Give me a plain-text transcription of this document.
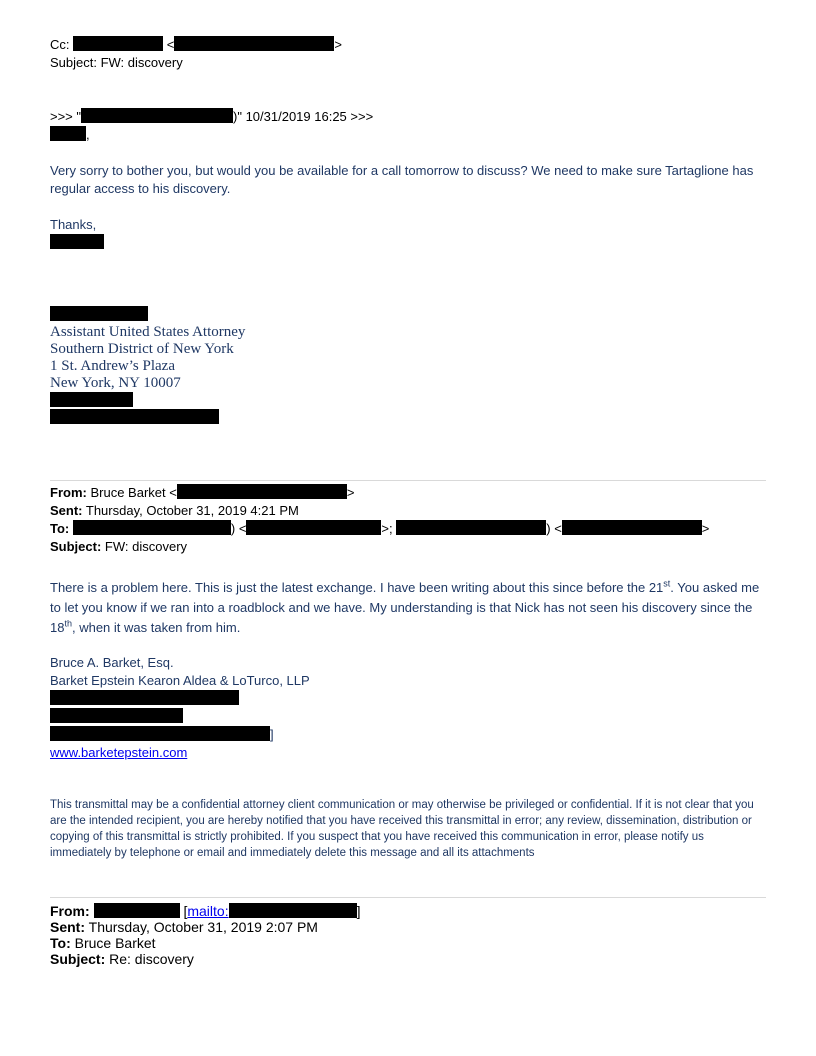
Cc:	<	>
Subject: FW: discovery
>>> "	)" 10/31/2019 16:25 >>>
,
Very sorry to bother you, but would you be available for a call tomorrow to discuss? We need to make sure Tartaglione has regular access to his discovery.
Thanks,
Assistant United States Attorney
Southern District of New York
1 St. Andrew’s Plaza
New York, NY 10007
From: Bruce Barket <	>
Sent: Thursday, October 31, 2019 4:21 PM
To:	) <	>;	) <	>
Subject: FW: discovery
There is a problem here. This is just the latest exchange. I have been writing about this since before the 21st. You asked me to let you know if we ran into a roadblock and we have. My understanding is that Nick has not seen his discovery since the 18th, when it was taken from him.
Bruce A. Barket, Esq.
Barket Epstein Kearon Aldea & LoTurco, LLP
]
www.barketepstein.com
This transmittal may be a confidential attorney client communication or may otherwise be privileged or confidential. If it is not clear that you are the intended recipient, you are hereby notified that you have received this transmittal in error; any review, dissemination, distribution or copying of this transmittal is strictly prohibited. If you suspect that you have received this communication in error, please notify us immediately by telephone or email and immediately delete this message and all its attachments
From:	[mailto:	]
Sent: Thursday, October 31, 2019 2:07 PM
To: Bruce Barket
Subject: Re: discovery
